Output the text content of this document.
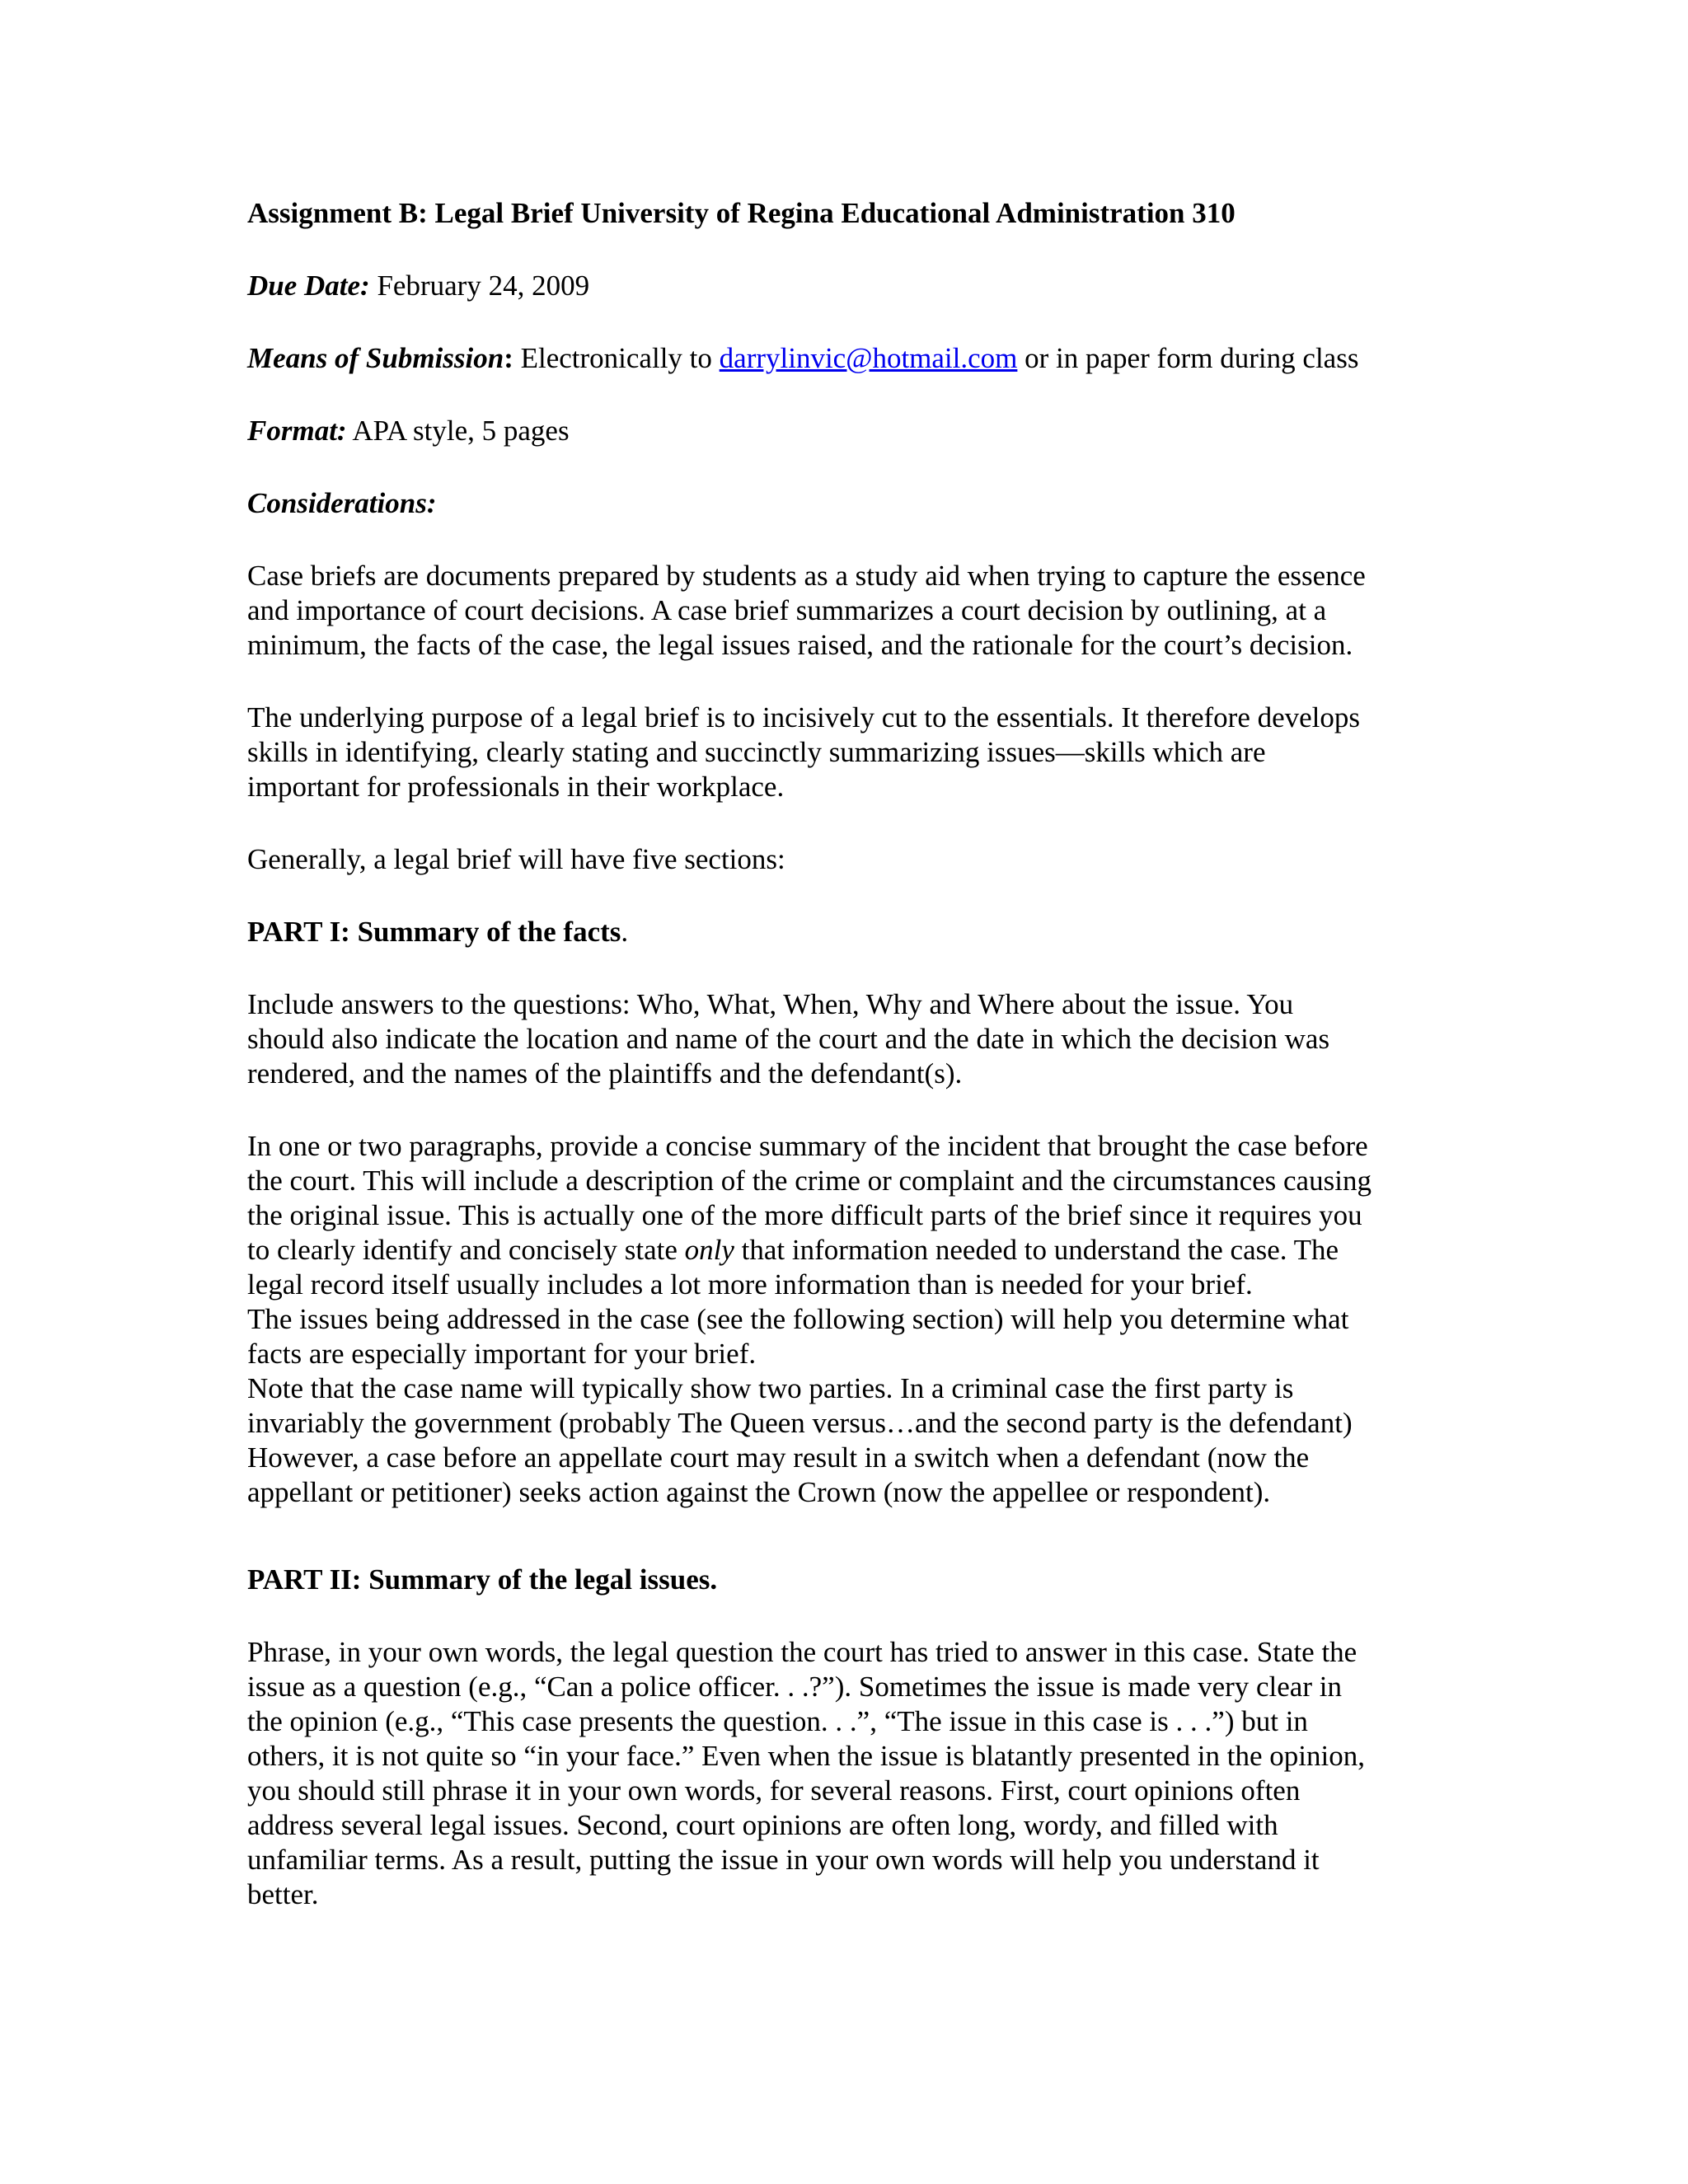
Assignment B: Legal Brief University of Regina Educational Administration 310

Due Date: February 24, 2009

Means of Submission: Electronically to darrylinvic@hotmail.com or in paper form during class

Format: APA style, 5 pages

Considerations:

Case briefs are documents prepared by students as a study aid when trying to capture the essence
and importance of court decisions. A case brief summarizes a court decision by outlining, at a
minimum, the facts of the case, the legal issues raised, and the rationale for the court’s decision.
The underlying purpose of a legal brief is to incisively cut to the essentials. It therefore develops
skills in identifying, clearly stating and succinctly summarizing issues—skills which are
important for professionals in their workplace.

Generally, a legal brief will have five sections:

PART I: Summary of the facts.

Include answers to the questions: Who, What, When, Why and Where about the issue. You
should also indicate the location and name of the court and the date in which the decision was
rendered, and the names of the plaintiffs and the defendant(s).
In one or two paragraphs, provide a concise summary of the incident that brought the case before
the court. This will include a description of the crime or complaint and the circumstances causing
the original issue. This is actually one of the more difficult parts of the brief since it requires you
to clearly identify and concisely state only that information needed to understand the case. The
legal record itself usually includes a lot more information than is needed for your brief.
The issues being addressed in the case (see the following section) will help you determine what
facts are especially important for your brief.
Note that the case name will typically show two parties. In a criminal case the first party is
invariably the government (probably The Queen versus…and the second party is the defendant)
However, a case before an appellate court may result in a switch when a defendant (now the
appellant or petitioner) seeks action against the Crown (now the appellee or respondent).

PART II: Summary of the legal issues.

Phrase, in your own words, the legal question the court has tried to answer in this case. State the
issue as a question (e.g., “Can a police officer. . .?”). Sometimes the issue is made very clear in
the opinion (e.g., “This case presents the question. . .”, “The issue in this case is . . .”) but in
others, it is not quite so “in your face.” Even when the issue is blatantly presented in the opinion,
you should still phrase it in your own words, for several reasons. First, court opinions often
address several legal issues. Second, court opinions are often long, wordy, and filled with
unfamiliar terms. As a result, putting the issue in your own words will help you understand it
better.
